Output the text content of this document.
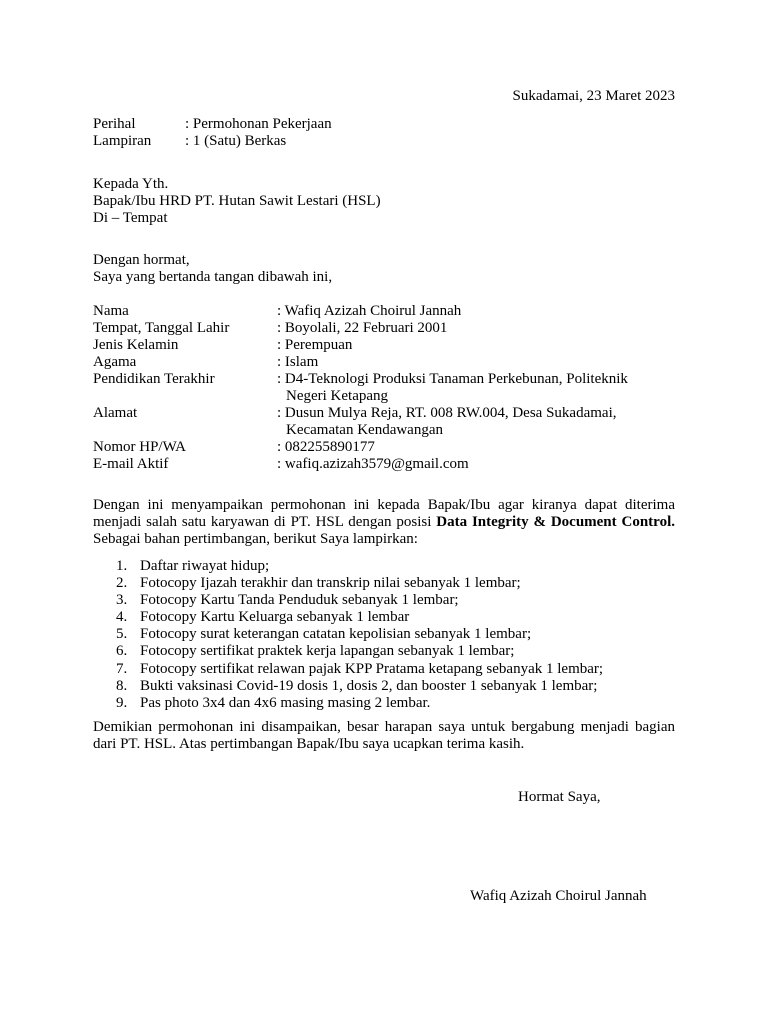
Sukadamai, 23 Maret 2023
Perihal	: Permohonan Pekerjaan
Lampiran : 1 (Satu) Berkas
Kepada Yth.
Bapak/Ibu HRD PT. Hutan Sawit Lestari (HSL)
Di – Tempat
Dengan hormat,
Saya yang bertanda tangan dibawah ini,
Nama	: Wafiq Azizah Choirul Jannah
Tempat, Tanggal Lahir	: Boyolali, 22 Februari 2001
Jenis Kelamin	: Perempuan
Agama	: Islam
Pendidikan Terakhir	: D4-Teknologi Produksi Tanaman Perkebunan, Politeknik
Negeri Ketapang
Alamat	: Dusun Mulya Reja, RT. 008 RW.004, Desa Sukadamai,
Kecamatan Kendawangan
Nomor HP/WA	: 082255890177
E-mail Aktif	: wafiq.azizah3579@gmail.com
Dengan ini menyampaikan permohonan ini kepada Bapak/Ibu agar kiranya dapat diterima
menjadi salah satu karyawan di PT. HSL dengan posisi Data Integrity & Document Control.
Sebagai bahan pertimbangan, berikut Saya lampirkan:
1. Daftar riwayat hidup;
2. Fotocopy Ijazah terakhir dan transkrip nilai sebanyak 1 lembar;
3. Fotocopy Kartu Tanda Penduduk sebanyak 1 lembar;
4. Fotocopy Kartu Keluarga sebanyak 1 lembar
5. Fotocopy surat keterangan catatan kepolisian sebanyak 1 lembar;
6. Fotocopy sertifikat praktek kerja lapangan sebanyak 1 lembar;
7. Fotocopy sertifikat relawan pajak KPP Pratama ketapang sebanyak 1 lembar;
8. Bukti vaksinasi Covid-19 dosis 1, dosis 2, dan booster 1 sebanyak 1 lembar;
9. Pas photo 3x4 dan 4x6 masing masing 2 lembar.
Demikian permohonan ini disampaikan, besar harapan saya untuk bergabung menjadi bagian
dari PT. HSL. Atas pertimbangan Bapak/Ibu saya ucapkan terima kasih.
Hormat Saya,
Wafiq Azizah Choirul Jannah
